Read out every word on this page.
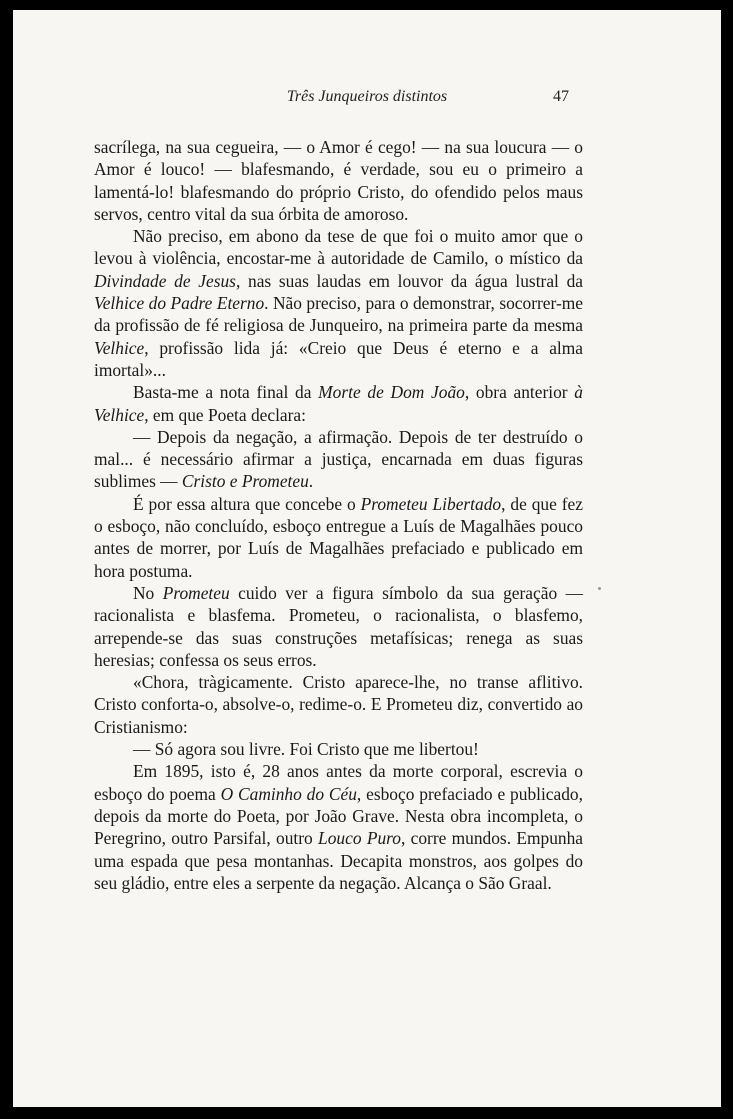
Três Junqueiros distintos	47

sacrílega, na sua cegueira, — o Amor é cego! — na sua loucura — o Amor é louco! — blafesmando, é verdade, sou eu o primeiro a lamentá-lo! blafesmando do próprio Cristo, do ofendido pelos maus servos, centro vital da sua órbita de amoroso.

Não preciso, em abono da tese de que foi o muito amor que o levou à violência, encostar-me à autoridade de Camilo, o místico da Divindade de Jesus, nas suas laudas em louvor da água lustral da Velhice do Padre Eterno. Não preciso, para o demonstrar, socorrer-me da profissão de fé religiosa de Junqueiro, na primeira parte da mesma Velhice, profissão lida já: «Creio que Deus é eterno e a alma imortal»...

Basta-me a nota final da Morte de Dom João, obra anterior à Velhice, em que Poeta declara:

— Depois da negação, a afirmação. Depois de ter destruído o mal... é necessário afirmar a justiça, encarnada em duas figuras sublimes — Cristo e Prometeu.

É por essa altura que concebe o Prometeu Libertado, de que fez o esboço, não concluído, esboço entregue a Luís de Magalhães pouco antes de morrer, por Luís de Magalhães prefaciado e publicado em hora postuma.

No Prometeu cuido ver a figura símbolo da sua geração — racionalista e blasfema. Prometeu, o racionalista, o blasfemo, arrepende-se das suas construções metafísicas; renega as suas heresias; confessa os seus erros.

«Chora, tràgicamente. Cristo aparece-lhe, no transe aflitivo. Cristo conforta-o, absolve-o, redime-o. E Prometeu diz, convertido ao Cristianismo:

— Só agora sou livre. Foi Cristo que me libertou!

Em 1895, isto é, 28 anos antes da morte corporal, escrevia o esboço do poema O Caminho do Céu, esboço prefaciado e publicado, depois da morte do Poeta, por João Grave. Nesta obra incompleta, o Peregrino, outro Parsifal, outro Louco Puro, corre mundos. Empunha uma espada que pesa montanhas. Decapita monstros, aos golpes do seu gládio, entre eles a serpente da negação. Alcança o São Graal.
